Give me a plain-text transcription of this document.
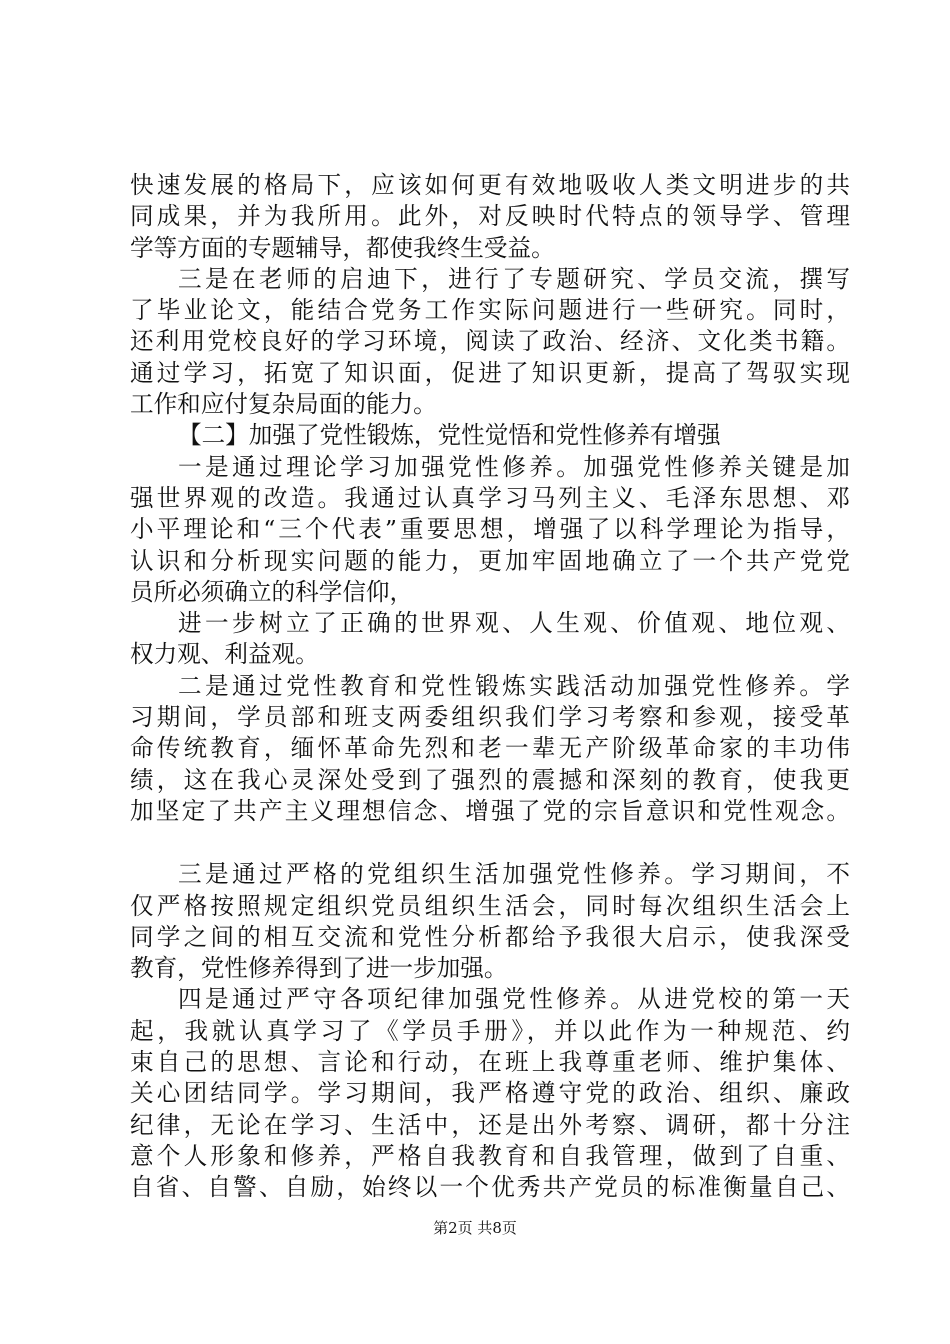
快速发展的格局下，应该如何更有效地吸收人类文明进步的共
同成果，并为我所用。此外，对反映时代特点的领导学、管理
学等方面的专题辅导，都使我终生受益。
三是在老师的启迪下，进行了专题研究、学员交流，撰写
了毕业论文，能结合党务工作实际问题进行一些研究。同时，
还利用党校良好的学习环境，阅读了政治、经济、文化类书籍。
通过学习，拓宽了知识面，促进了知识更新，提高了驾驭实现
工作和应付复杂局面的能力。
【二】加强了党性锻炼，党性觉悟和党性修养有增强
一是通过理论学习加强党性修养。加强党性修养关键是加
强世界观的改造。我通过认真学习马列主义、毛泽东思想、邓
小平理论和“三个代表”重要思想，增强了以科学理论为指导，
认识和分析现实问题的能力，更加牢固地确立了一个共产党党
员所必须确立的科学信仰，
进一步树立了正确的世界观、人生观、价值观、地位观、
权力观、利益观。
二是通过党性教育和党性锻炼实践活动加强党性修养。学
习期间，学员部和班支两委组织我们学习考察和参观，接受革
命传统教育，缅怀革命先烈和老一辈无产阶级革命家的丰功伟
绩，这在我心灵深处受到了强烈的震撼和深刻的教育，使我更
加坚定了共产主义理想信念、增强了党的宗旨意识和党性观念。
三是通过严格的党组织生活加强党性修养。学习期间，不
仅严格按照规定组织党员组织生活会，同时每次组织生活会上
同学之间的相互交流和党性分析都给予我很大启示，使我深受
教育，党性修养得到了进一步加强。
四是通过严守各项纪律加强党性修养。从进党校的第一天
起，我就认真学习了《学员手册》，并以此作为一种规范、约
束自己的思想、言论和行动，在班上我尊重老师、维护集体、
关心团结同学。学习期间，我严格遵守党的政治、组织、廉政
纪律，无论在学习、生活中，还是出外考察、调研，都十分注
意个人形象和修养，严格自我教育和自我管理，做到了自重、
自省、自警、自励，始终以一个优秀共产党员的标准衡量自己、
第2页 共8页
